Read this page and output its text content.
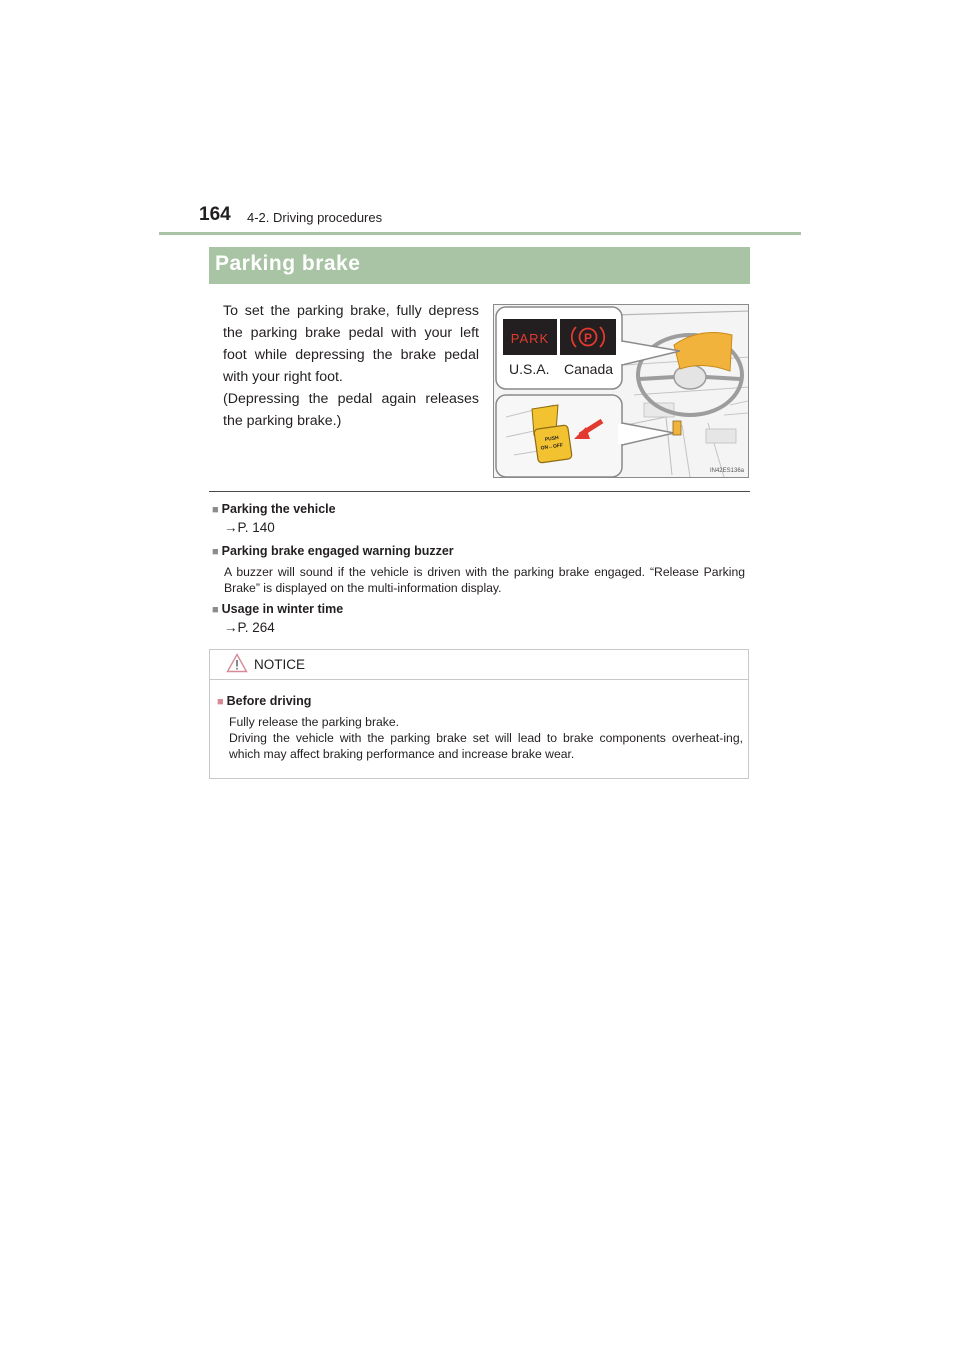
164 4-2. Driving procedures
Parking brake

To set the parking brake, fully depress the parking brake pedal with your left foot while depressing the brake pedal with your right foot.

(Depressing the pedal again releases the parking brake.)

PARK	P
PUSH
ON↔OFF
U.S.A. Canada
IN42ES136a
■ Parking the vehicle
→P. 140
■ Parking brake engaged warning buzzer
A buzzer will sound if the vehicle is driven with the parking brake engaged. “Release Parking Brake” is displayed on the multi-information display.
■ Usage in winter time
→P. 264
NOTICE
■ Before driving

Fully release the parking brake.

Driving the vehicle with the parking brake set will lead to brake components overheat-ing, which may affect braking performance and increase brake wear.
